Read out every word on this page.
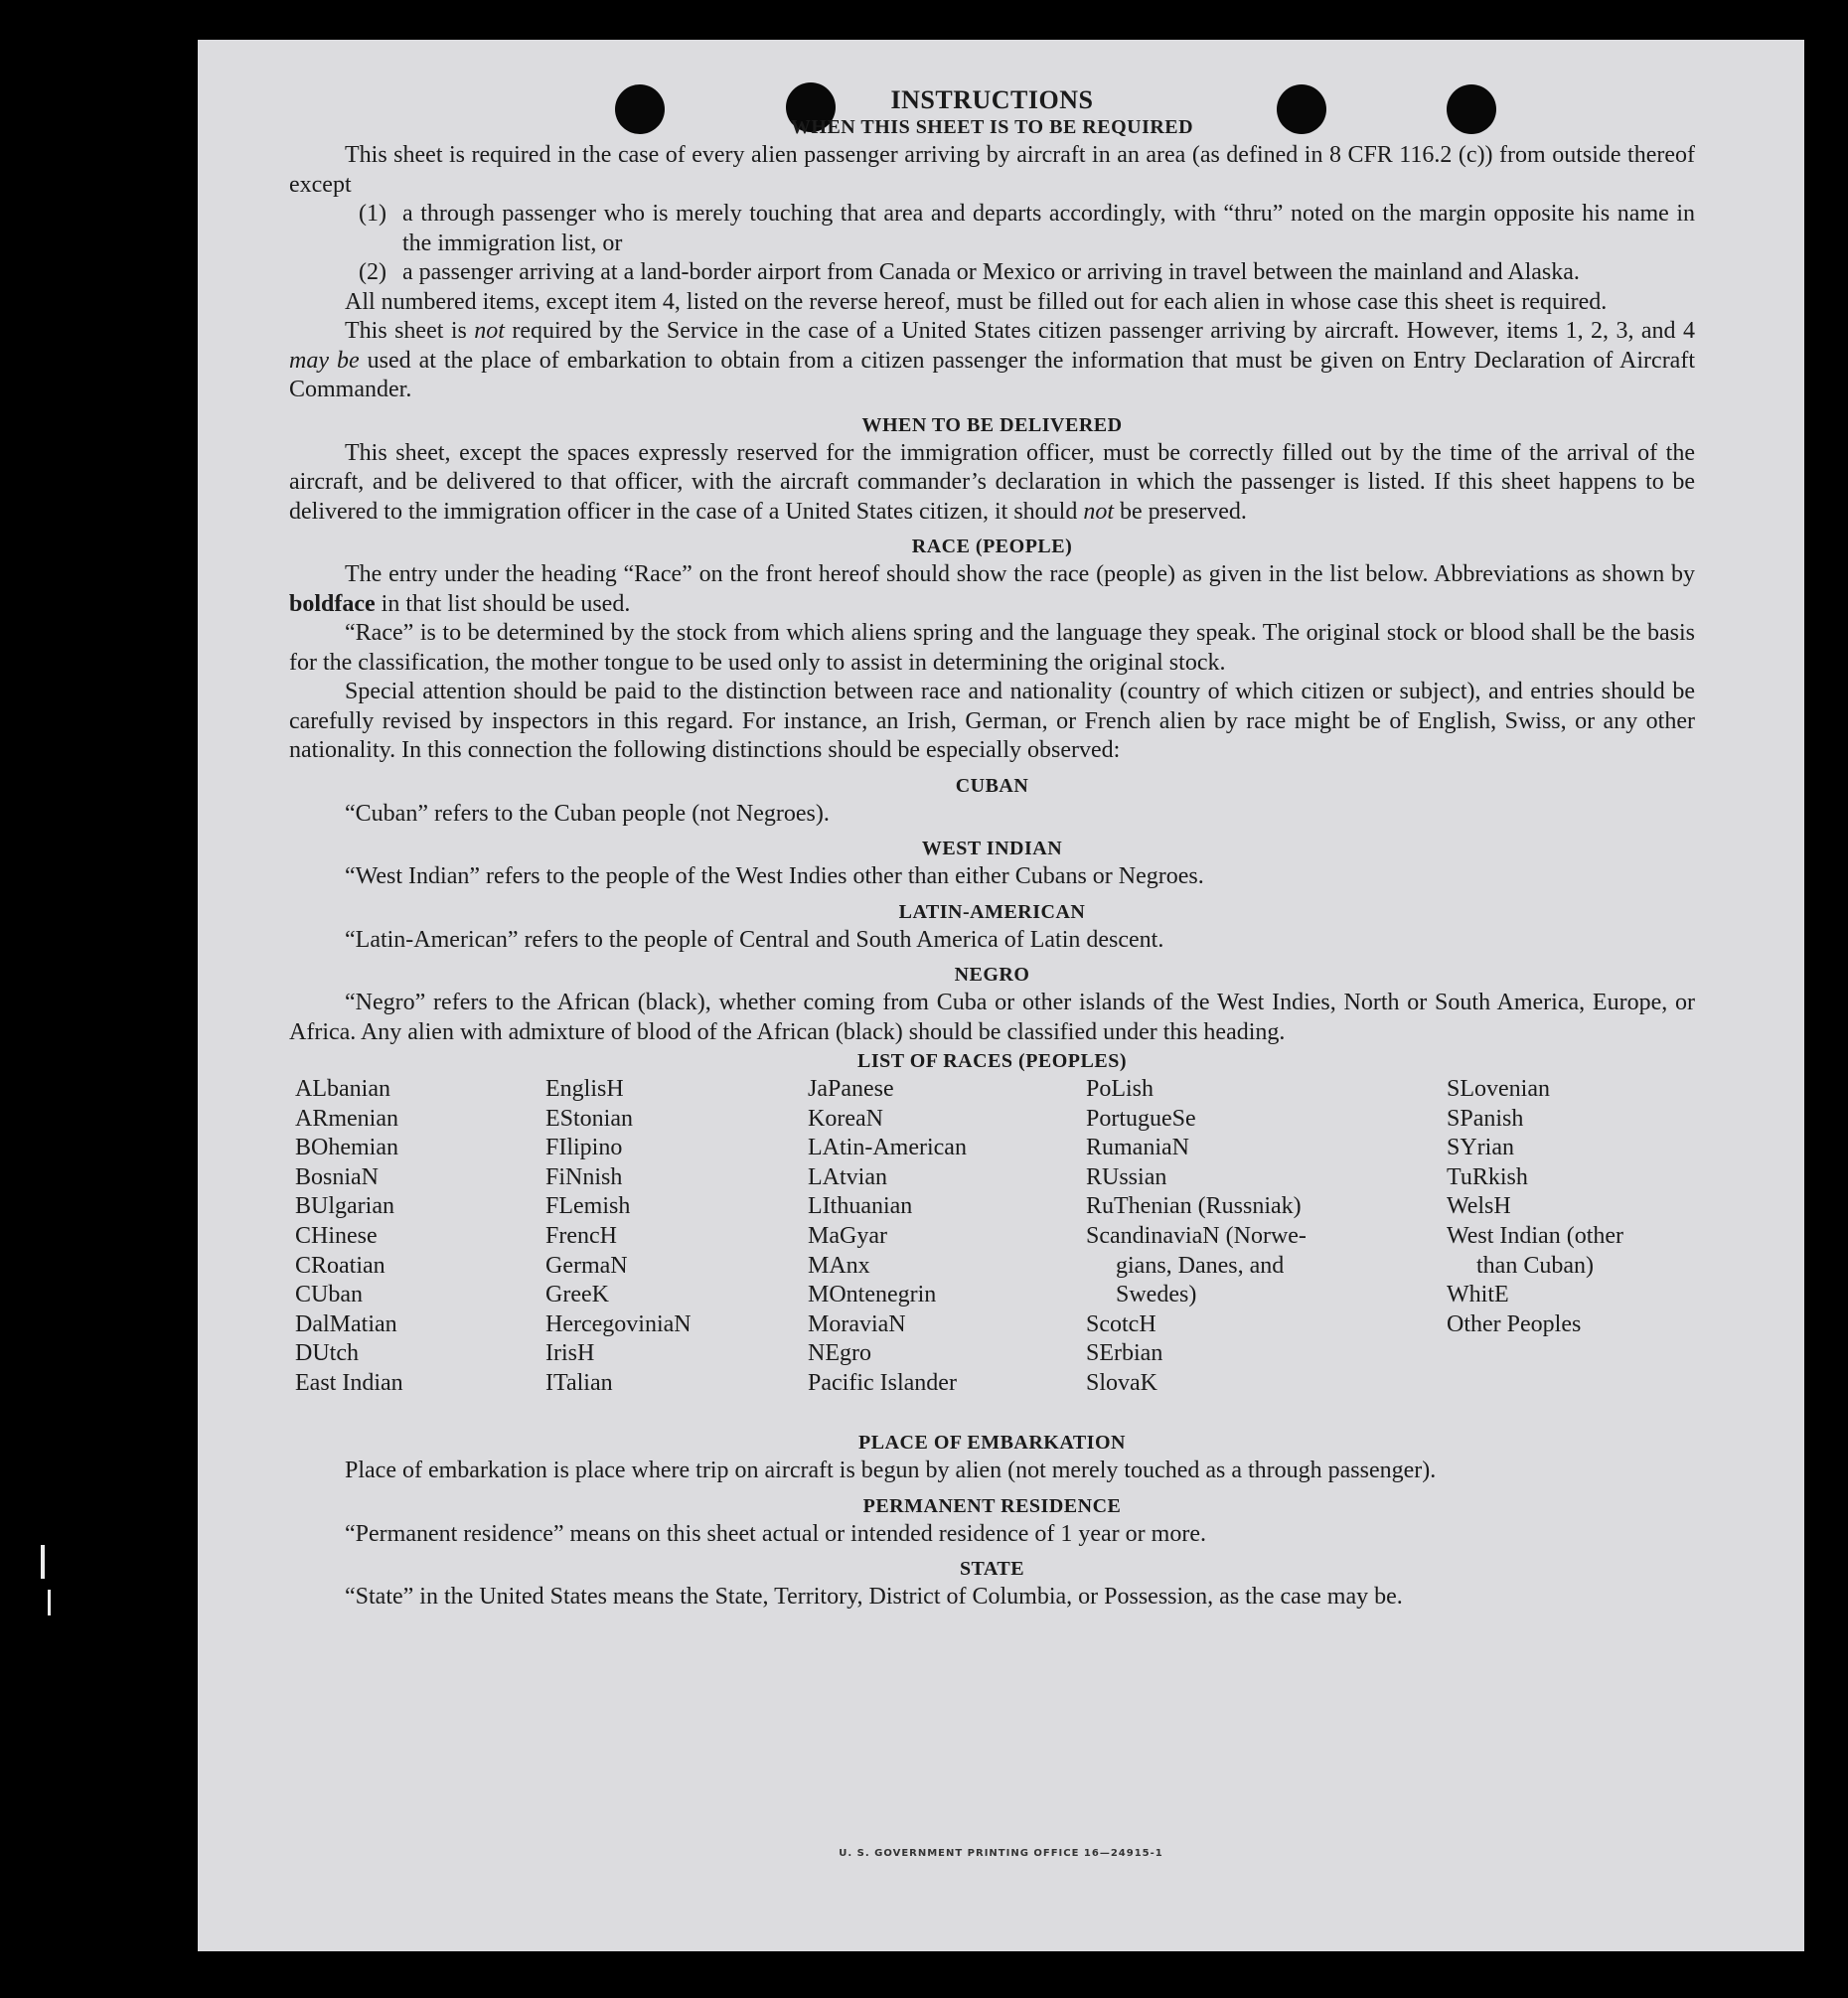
INSTRUCTIONS
WHEN THIS SHEET IS TO BE REQUIRED

This sheet is required in the case of every alien passenger arriving by aircraft in an area (as defined in 8 CFR 116.2 (c)) from outside thereof except

(1) a through passenger who is merely touching that area and departs accordingly, with “thru” noted on the margin opposite his name in the immigration list, or

(2) a passenger arriving at a land-border airport from Canada or Mexico or arriving in travel between the mainland and Alaska.

All numbered items, except item 4, listed on the reverse hereof, must be filled out for each alien in whose case this sheet is required.

This sheet is not required by the Service in the case of a United States citizen passenger arriving by aircraft. However, items 1, 2, 3, and 4 may be used at the place of embarkation to obtain from a citizen passenger the information that must be given on Entry Declaration of Aircraft Commander.

WHEN TO BE DELIVERED

This sheet, except the spaces expressly reserved for the immigration officer, must be correctly filled out by the time of the arrival of the aircraft, and be delivered to that officer, with the aircraft commander’s declaration in which the passenger is listed. If this sheet happens to be delivered to the immigration officer in the case of a United States citizen, it should not be preserved.

RACE (PEOPLE)

The entry under the heading “Race” on the front hereof should show the race (people) as given in the list below. Abbreviations as shown by boldface in that list should be used.

“Race” is to be determined by the stock from which aliens spring and the language they speak. The original stock or blood shall be the basis for the classification, the mother tongue to be used only to assist in determining the original stock.

Special attention should be paid to the distinction between race and nationality (country of which citizen or subject), and entries should be carefully revised by inspectors in this regard. For instance, an Irish, German, or French alien by race might be of English, Swiss, or any other nationality. In this connection the following distinctions should be especially observed:

CUBAN

“Cuban” refers to the Cuban people (not Negroes).

WEST INDIAN

“West Indian” refers to the people of the West Indies other than either Cubans or Negroes.

LATIN-AMERICAN

“Latin-American” refers to the people of Central and South America of Latin descent.

NEGRO

“Negro” refers to the African (black), whether coming from Cuba or other islands of the West Indies, North or South America, Europe, or Africa. Any alien with admixture of blood of the African (black) should be classified under this heading.

LIST OF RACES (PEOPLES)
ALbanian
ARmenian
BOhemian
BosniaN
BUlgarian
CHinese
CRoatian
CUban
DalMatian
DUtch
East Indian
EnglisH
EStonian
FIlipino
FiNnish
FLemish
FrencH
GermaN
GreeK
HercegoviniaN
IrisH
ITalian
JaPanese
KoreaN
LAtin-American
LAtvian
LIthuanian
MaGyar
MAnx
MOntenegrin
MoraviaN
NEgro
Pacific Islander
PoLish
PortugueSe
RumaniaN
RUssian
RuThenian (Russniak)
ScandinaviaN (Norwe-
gians, Danes, and
Swedes)
ScotcH
SErbian
SlovaK
SLovenian
SPanish
SYrian
TuRkish
WelsH
West Indian (other
than Cuban)
WhitE
Other Peoples
PLACE OF EMBARKATION

Place of embarkation is place where trip on aircraft is begun by alien (not merely touched as a through passenger).

PERMANENT RESIDENCE

“Permanent residence” means on this sheet actual or intended residence of 1 year or more.

STATE

“State” in the United States means the State, Territory, District of Columbia, or Possession, as the case may be.

U. S. GOVERNMENT PRINTING OFFICE 16—24915-1
